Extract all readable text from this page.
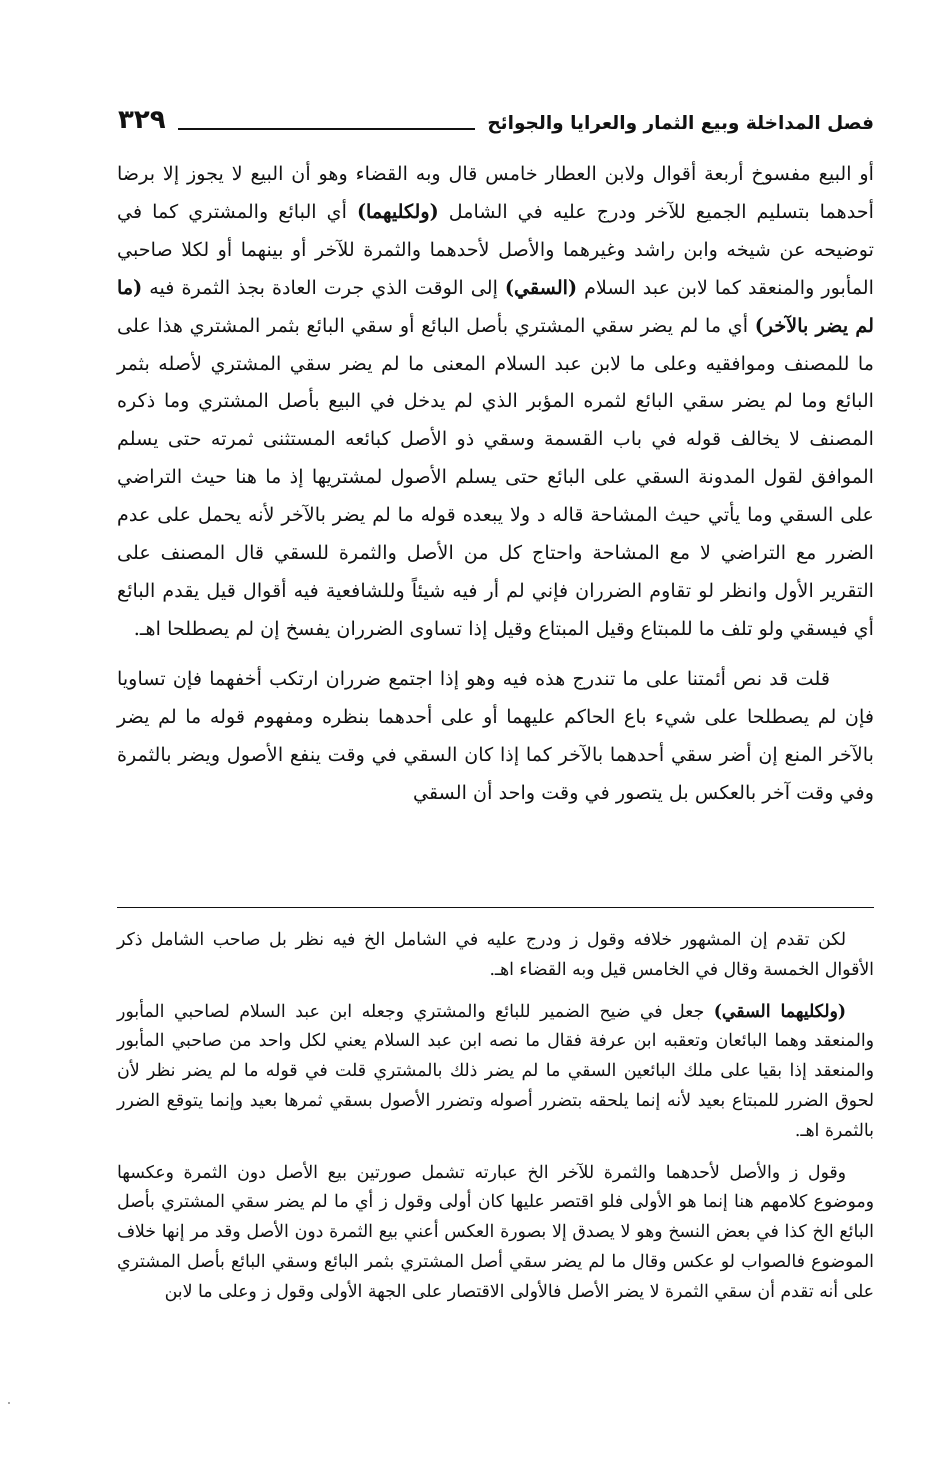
فصل المداخلة وبيع الثمار والعرايا والجوائح
٣٢٩

أو البيع مفسوخ أربعة أقوال ولابن العطار خامس قال وبه القضاء وهو أن البيع لا يجوز إلا برضا أحدهما بتسليم الجميع للآخر ودرج عليه في الشامل (ولكليهما) أي البائع والمشتري كما في توضيحه عن شيخه وابن راشد وغيرهما والأصل لأحدهما والثمرة للآخر أو بينهما أو لكلا صاحبي المأبور والمنعقد كما لابن عبد السلام (السقي) إلى الوقت الذي جرت العادة بجذ الثمرة فيه (ما لم يضر بالآخر) أي ما لم يضر سقي المشتري بأصل البائع أو سقي البائع بثمر المشتري هذا على ما للمصنف وموافقيه وعلى ما لابن عبد السلام المعنى ما لم يضر سقي المشتري لأصله بثمر البائع وما لم يضر سقي البائع لثمره المؤبر الذي لم يدخل في البيع بأصل المشتري وما ذكره المصنف لا يخالف قوله في باب القسمة وسقي ذو الأصل كبائعه المستثنى ثمرته حتى يسلم الموافق لقول المدونة السقي على البائع حتى يسلم الأصول لمشتريها إذ ما هنا حيث التراضي على السقي وما يأتي حيث المشاحة قاله د ولا يبعده قوله ما لم يضر بالآخر لأنه يحمل على عدم الضرر مع التراضي لا مع المشاحة واحتاج كل من الأصل والثمرة للسقي قال المصنف على التقرير الأول وانظر لو تقاوم الضرران فإني لم أر فيه شيئاً وللشافعية فيه أقوال قيل يقدم البائع أي فيسقي ولو تلف ما للمبتاع وقيل المبتاع وقيل إذا تساوى الضرران يفسخ إن لم يصطلحا اهـ.

قلت قد نص أئمتنا على ما تندرج هذه فيه وهو إذا اجتمع ضرران ارتكب أخفهما فإن تساويا فإن لم يصطلحا على شيء باع الحاكم عليهما أو على أحدهما بنظره ومفهوم قوله ما لم يضر بالآخر المنع إن أضر سقي أحدهما بالآخر كما إذا كان السقي في وقت ينفع الأصول ويضر بالثمرة وفي وقت آخر بالعكس بل يتصور في وقت واحد أن السقي

لكن تقدم إن المشهور خلافه وقول ز ودرج عليه في الشامل الخ فيه نظر بل صاحب الشامل ذكر الأقوال الخمسة وقال في الخامس قيل وبه القضاء اهـ.

(ولكليهما السقي) جعل في ضيح الضمير للبائع والمشتري وجعله ابن عبد السلام لصاحبي المأبور والمنعقد وهما البائعان وتعقبه ابن عرفة فقال ما نصه ابن عبد السلام يعني لكل واحد من صاحبي المأبور والمنعقد إذا بقيا على ملك البائعين السقي ما لم يضر ذلك بالمشتري قلت في قوله ما لم يضر نظر لأن لحوق الضرر للمبتاع بعيد لأنه إنما يلحقه بتضرر أصوله وتضرر الأصول بسقي ثمرها بعيد وإنما يتوقع الضرر بالثمرة اهـ.

وقول ز والأصل لأحدهما والثمرة للآخر الخ عبارته تشمل صورتين بيع الأصل دون الثمرة وعكسها وموضوع كلامهم هنا إنما هو الأولى فلو اقتصر عليها كان أولى وقول ز أي ما لم يضر سقي المشتري بأصل البائع الخ كذا في بعض النسخ وهو لا يصدق إلا بصورة العكس أعني بيع الثمرة دون الأصل وقد مر إنها خلاف الموضوع فالصواب لو عكس وقال ما لم يضر سقي أصل المشتري بثمر البائع وسقي البائع بأصل المشتري على أنه تقدم أن سقي الثمرة لا يضر الأصل فالأولى الاقتصار على الجهة الأولى وقول ز وعلى ما لابن
